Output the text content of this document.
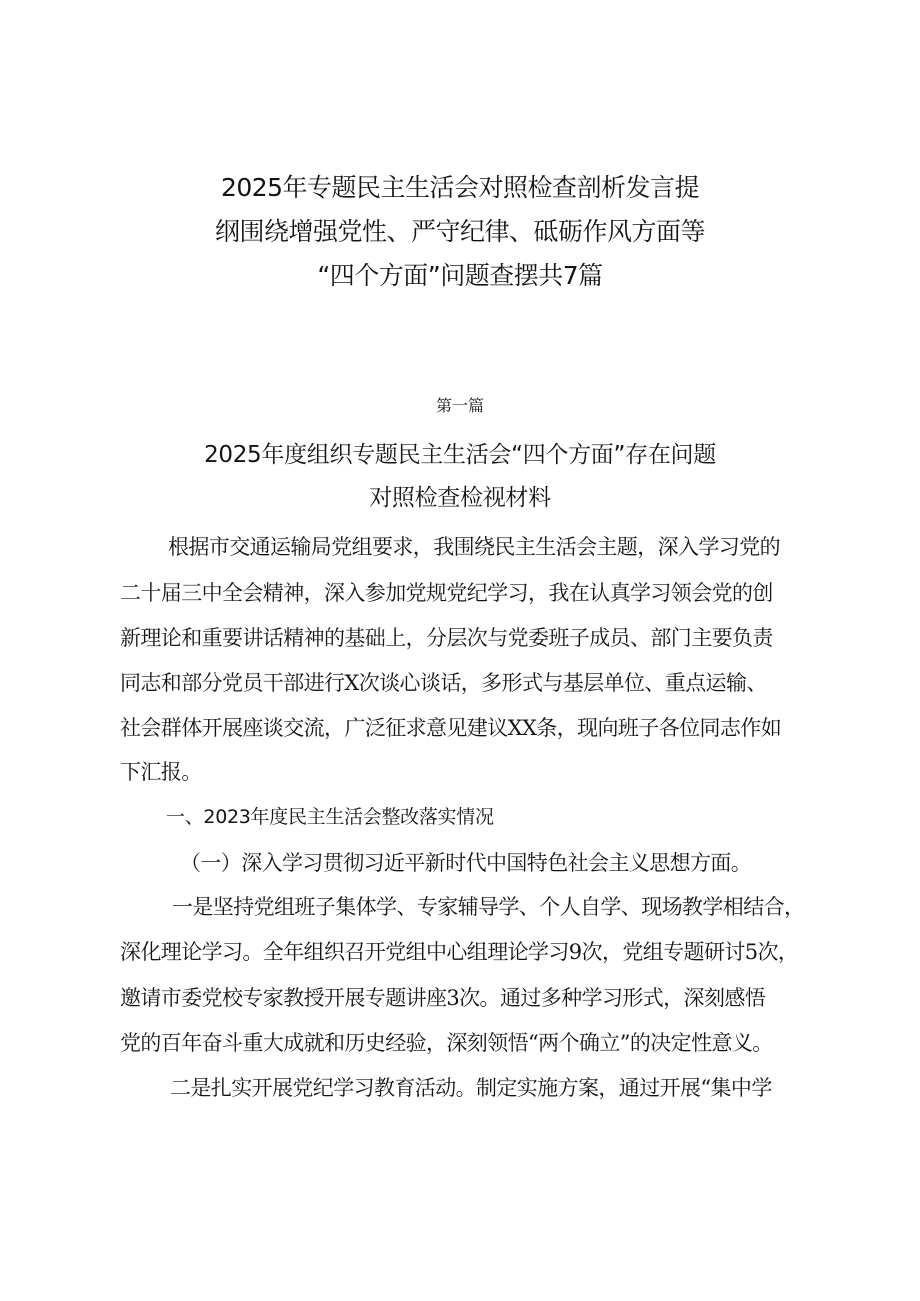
2025年专题民主生活会对照检查剖析发言提
纲围绕增强党性、严守纪律、砥砺作风方面等
“四个方面”问题查摆共7篇
第一篇
2025年度组织专题民主生活会“四个方面”存在问题
对照检查检视材料
根据市交通运输局党组要求，我围绕民主生活会主题，深入学习党的
二十届三中全会精神，深入参加党规党纪学习，我在认真学习领会党的创
新理论和重要讲话精神的基础上，分层次与党委班子成员、部门主要负责
同志和部分党员干部进行X次谈心谈话，多形式与基层单位、重点运输、
社会群体开展座谈交流，广泛征求意见建议XX条，现向班子各位同志作如
下汇报。
一、2023年度民主生活会整改落实情况
（一）深入学习贯彻习近平新时代中国特色社会主义思想方面。
一是坚持党组班子集体学、专家辅导学、个人自学、现场教学相结合，
深化理论学习。全年组织召开党组中心组理论学习9次，党组专题研讨5次，
邀请市委党校专家教授开展专题讲座3次。通过多种学习形式，深刻感悟
党的百年奋斗重大成就和历史经验，深刻领悟“两个确立”的决定性意义。
二是扎实开展党纪学习教育活动。制定实施方案，通过开展“集中学
